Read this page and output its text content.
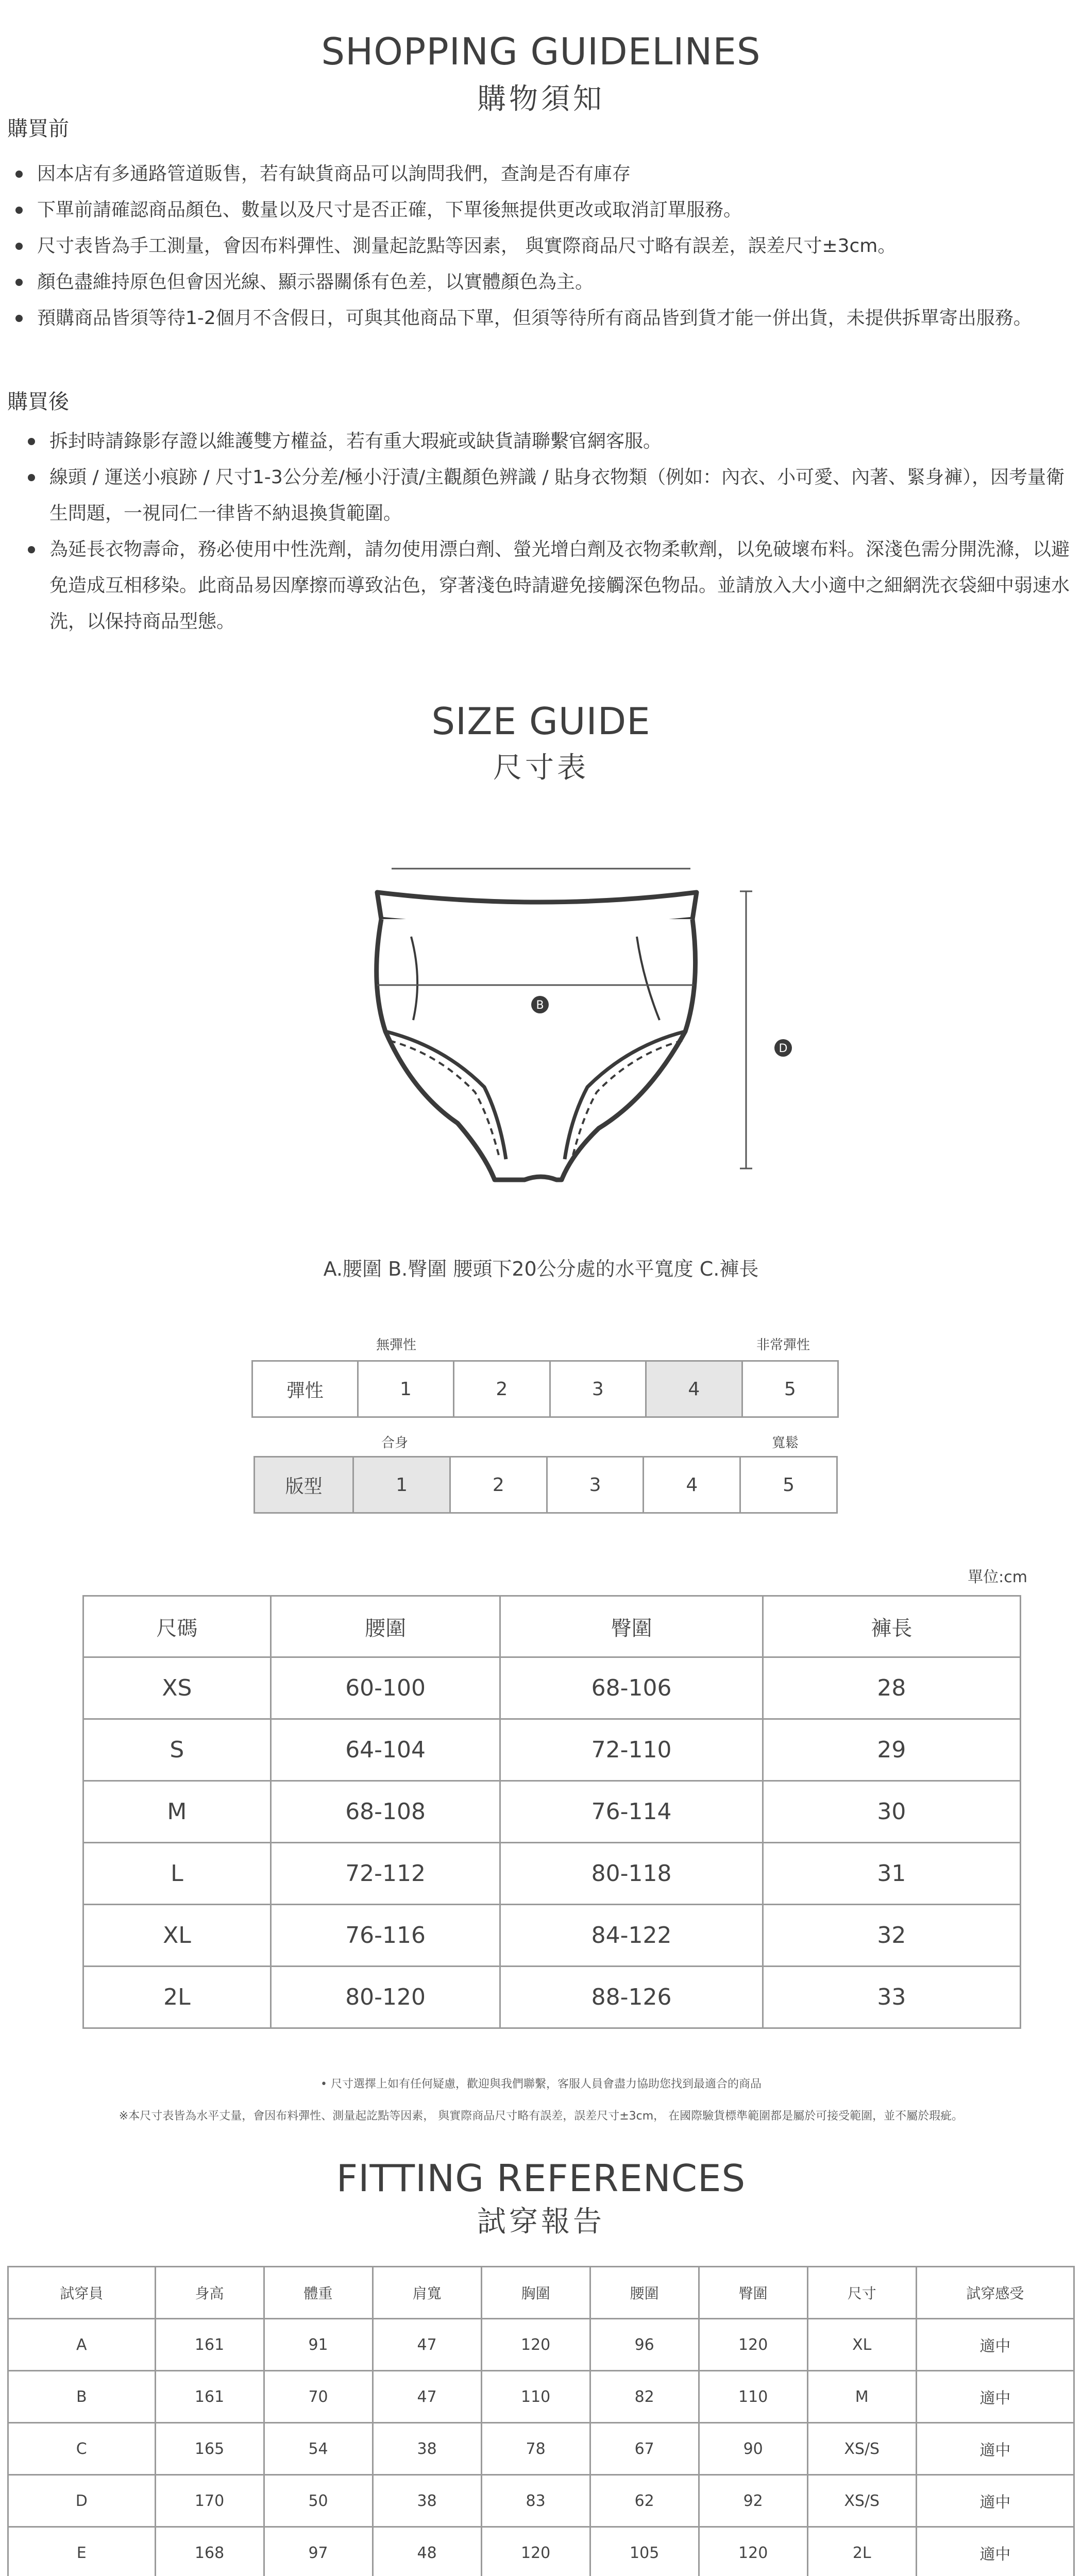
SHOPPING GUIDELINES
購物須知
購買前
因本店有多通路管道販售，若有缺貨商品可以詢問我們，查詢是否有庫存
下單前請確認商品顏色、數量以及尺寸是否正確，下單後無提供更改或取消訂單服務。
尺寸表皆為手工測量，會因布料彈性、測量起訖點等因素， 與實際商品尺寸略有誤差，誤差尺寸±3cm。
顏色盡維持原色但會因光線、顯示器關係有色差，以實體顏色為主。
預購商品皆須等待1-2個月不含假日，可與其他商品下單，但須等待所有商品皆到貨才能一併出貨，未提供拆單寄出服務。
購買後
拆封時請錄影存證以維護雙方權益，若有重大瑕疵或缺貨請聯繫官網客服。
線頭 / 運送小痕跡 / 尺寸1-3公分差/極小汙漬/主觀顏色辨識 / 貼身衣物類（例如：內衣、小可愛、內著、緊身褲），因考量衛生問題，一視同仁一律皆不納退換貨範圍。
為延長衣物壽命，務必使用中性洗劑，請勿使用漂白劑、螢光增白劑及衣物柔軟劑，以免破壞布料。深淺色需分開洗滌，以避免造成互相移染。此商品易因摩擦而導致沾色，穿著淺色時請避免接觸深色物品。並請放入大小適中之細網洗衣袋細中弱速水洗，以保持商品型態。
SIZE GUIDE
尺寸表
B
D
A.腰圍 B.臀圍 腰頭下20公分處的水平寬度 C.褲長
無彈性	非常彈性
彈性	1	2	3	4	5
合身	寬鬆
版型	1	2	3	4	5
單位:cm
尺碼	腰圍	臀圍	褲長
XS	60-100	68-106	28
S	64-104	72-110	29
M	68-108	76-114	30
L	72-112	80-118	31
XL	76-116	84-122	32
2L	80-120	88-126	33
• 尺寸選擇上如有任何疑慮，歡迎與我們聯繫，客服人員會盡力協助您找到最適合的商品
※本尺寸表皆為水平丈量，會因布料彈性、測量起訖點等因素， 與實際商品尺寸略有誤差，誤差尺寸±3cm， 在國際驗貨標準範圍都是屬於可接受範圍，並不屬於瑕疵。
FITTING REFERENCES
試穿報告
試穿員	身高	體重	肩寬	胸圍	腰圍	臀圍	尺寸	試穿感受
A	161	91	47	120	96	120	XL	適中
B	161	70	47	110	82	110	M	適中
C	165	54	38	78	67	90	XS/S	適中
D	170	50	38	83	62	92	XS/S	適中
E	168	97	48	120	105	120	2L	適中
